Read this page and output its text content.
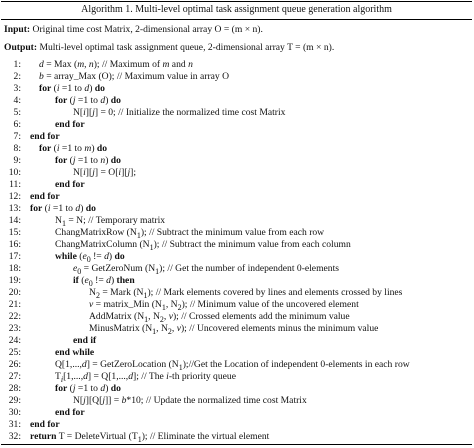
Algorithm 1. Multi-level optimal task assignment queue generation algorithm
Input: Original time cost Matrix, 2-dimensional array O = (m × n).
Output: Multi-level optimal task assignment queue, 2-dimensional array T = (m × n).
1:	d = Max (m, n); // Maximum of m and n
2:	b = array_Max (O); // Maximum value in array O
3:	for (i =1 to d) do
4:	for (j =1 to d) do
5:	N[i][j] = 0; // Initialize the normalized time cost Matrix
6:	end for
7: end for
8:	for (i =1 to m) do
9:	for (j =1 to n) do
10:	N[i][j] = O[i][j];
11:	end for
12: end for
13: for (i =1 to d) do
14:	$N_1 = N$; // Temporary matrix
15:	ChangMatrixRow $(N_1)$; // Subtract the minimum value from each row
16:	ChangMatrixColumn $(N_1)$; // Subtract the minimum value from each column
17:	while ($e_0$ != d) do
18:	$e_0$ = GetZeroNum $(N_1)$; // Get the number of independent 0-elements
19:	if ($e_0$ != d) then
20:	$N_2$ = Mark $(N_1)$; // Mark elements covered by lines and elements crossed by lines
21:	v = matrix_Min ($N_1$, $N_2$); // Minimum value of the uncovered element
22:	AddMatrix ($N_1$, $N_2$, v); // Crossed elements add the minimum value
23:	MinusMatrix ($N_1$, $N_2$, v); // Uncovered elements minus the minimum value
24:	end if
25:	end while
26:	Q[1,...,d] = GetZeroLocation $(N_1);/$/Get the Location of independent 0-elements in each row
27:	$T_i[1,...,d] = Q[1,...,d]$; // The i-th priority queue
28:	for (j =1 to d) do
29:	N[j][Q[j]] = b*10; // Update the normalized time cost Matrix
30:	end for
31: end for
32: return T = DeleteVirtual $(T_1)$; // Eliminate the virtual element
